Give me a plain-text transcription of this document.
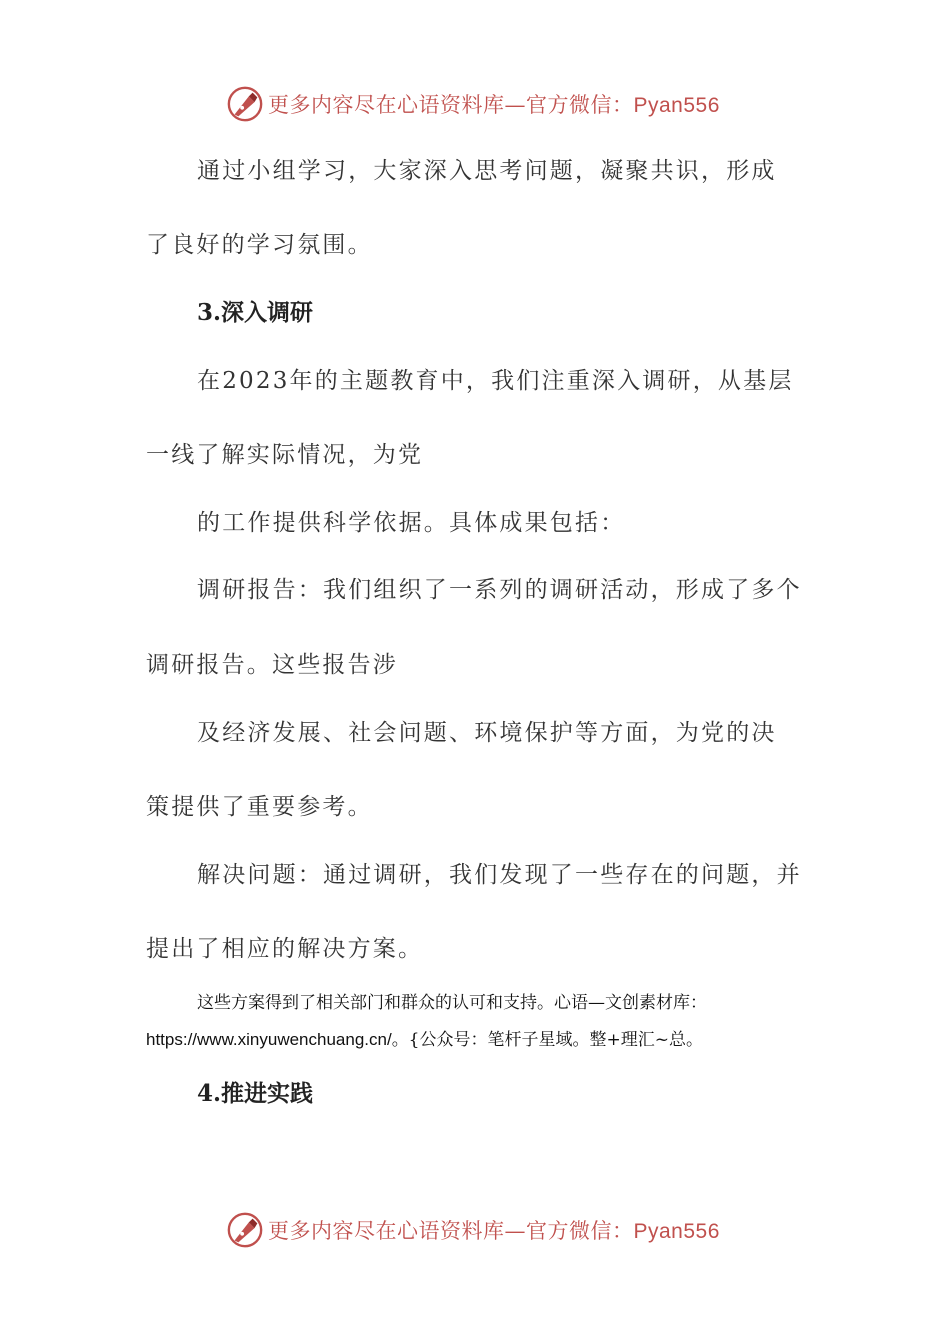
更多内容尽在心语资料库—官方微信：Pyan556
通过小组学习，大家深入思考问题，凝聚共识，形成
了良好的学习氛围。
3.深入调研
在2023年的主题教育中，我们注重深入调研，从基层
一线了解实际情况，为党
的工作提供科学依据。具体成果包括：
调研报告：我们组织了一系列的调研活动，形成了多个
调研报告。这些报告涉
及经济发展、社会问题、环境保护等方面，为党的决
策提供了重要参考。
解决问题：通过调研，我们发现了一些存在的问题，并
提出了相应的解决方案。
这些方案得到了相关部门和群众的认可和支持。心语—文创素材库：
https://www.xinyuwenchuang.cn/。{公众号：笔杆子星域。整+理汇~总。
4.推进实践
更多内容尽在心语资料库—官方微信：Pyan556
